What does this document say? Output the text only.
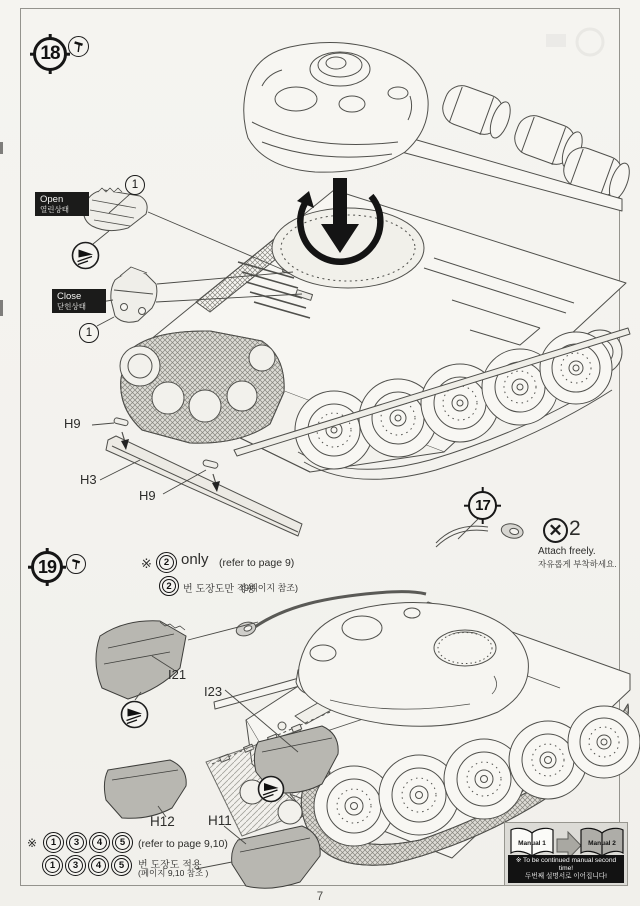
18
Open
열린상태
1
Close
닫힌상태
1
H9
H3
H9
17
✕ 2
Attach freely.
자유롭게 부착하세요.
19	※	2 only (refer to page 9)
2	번 도장도만 적용
(9페이지 참조)
I21
I23
H12 H11
※	1	3	4	5	(refer to page 9,10)
1	3	4	5	번 도장도 적용
(페이지 9,10 참조 )
Manual 1	Manual 2
※ To be continued manual second time!
두번째 설명서로 이어집니다!
7
